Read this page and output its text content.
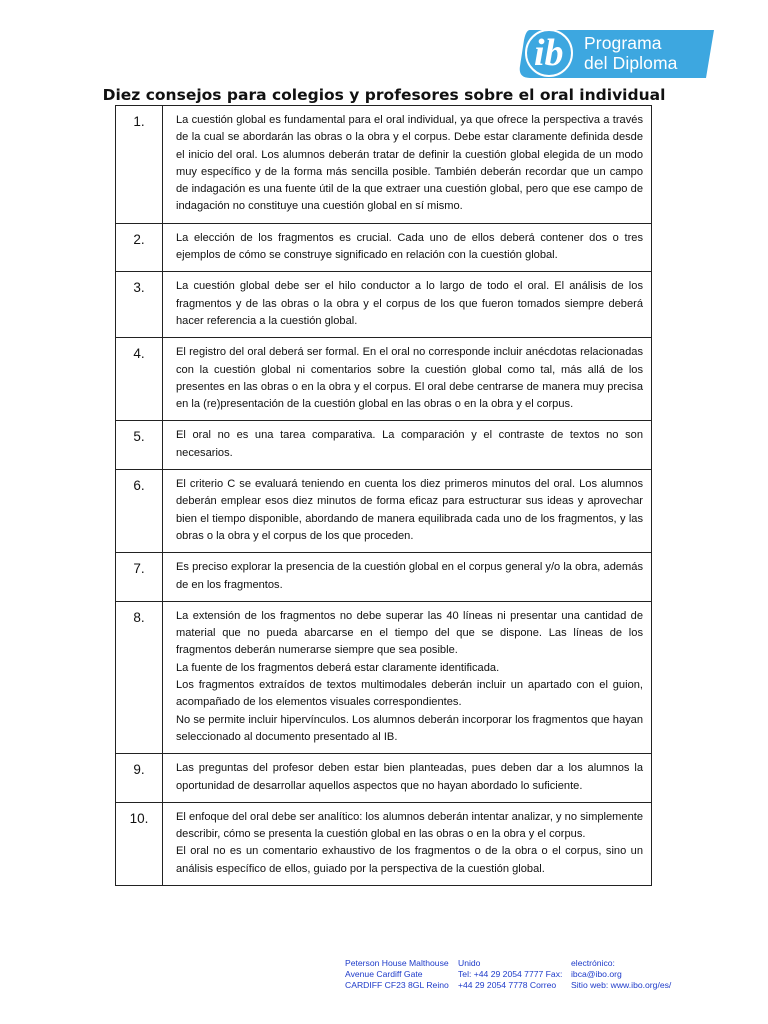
ib Programa
del Diploma
Diez consejos para colegios y profesores sobre el oral individual
1.	La cuestión global es fundamental para el oral individual, ya que ofrece la perspectiva a través de la cual se abordarán las obras o la obra y el corpus. Debe estar claramente definida desde el inicio del oral. Los alumnos deberán tratar de definir la cuestión global elegida de un modo muy específico y de la forma más sencilla posible. También deberán recordar que un campo de indagación es una fuente útil de la que extraer una cuestión global, pero que ese campo de indagación no constituye una cuestión global en sí mismo.

2.	La elección de los fragmentos es crucial. Cada uno de ellos deberá contener dos o tres ejemplos de cómo se construye significado en relación con la cuestión global.

3.	La cuestión global debe ser el hilo conductor a lo largo de todo el oral. El análisis de los fragmentos y de las obras o la obra y el corpus de los que fueron tomados siempre deberá hacer referencia a la cuestión global.

4.	El registro del oral deberá ser formal. En el oral no corresponde incluir anécdotas relacionadas con la cuestión global ni comentarios sobre la cuestión global como tal, más allá de los presentes en las obras o en la obra y el corpus. El oral debe centrarse de manera muy precisa en la (re)presentación de la cuestión global en las obras o en la obra y el corpus.

5.	El oral no es una tarea comparativa. La comparación y el contraste de textos no son necesarios.

6.	El criterio C se evaluará teniendo en cuenta los diez primeros minutos del oral. Los alumnos deberán emplear esos diez minutos de forma eficaz para estructurar sus ideas y aprovechar bien el tiempo disponible, abordando de manera equilibrada cada uno de los fragmentos, y las obras o la obra y el corpus de los que proceden.

7.	Es preciso explorar la presencia de la cuestión global en el corpus general y/o la obra, además de en los fragmentos.

8.	La extensión de los fragmentos no debe superar las 40 líneas ni presentar una cantidad de material que no pueda abarcarse en el tiempo del que se dispone. Las líneas de los fragmentos deberán numerarse siempre que sea posible.

La fuente de los fragmentos deberá estar claramente identificada.

Los fragmentos extraídos de textos multimodales deberán incluir un apartado con el guion, acompañado de los elementos visuales correspondientes.

No se permite incluir hipervínculos. Los alumnos deberán incorporar los fragmentos que hayan seleccionado al documento presentado al IB.

9.	Las preguntas del profesor deben estar bien planteadas, pues deben dar a los alumnos la oportunidad de desarrollar aquellos aspectos que no hayan abordado lo suficiente.

10.	El enfoque del oral debe ser analítico: los alumnos deberán intentar analizar, y no simplemente describir, cómo se presenta la cuestión global en las obras o en la obra y el corpus.

El oral no es un comentario exhaustivo de los fragmentos o de la obra o el corpus, sino un análisis específico de ellos, guiado por la perspectiva de la cuestión global.

Peterson House Malthouse
Avenue Cardiff Gate
CARDIFF CF23 8GL Reino
Unido
Tel: +44 29 2054 7777 Fax:
+44 29 2054 7778 Correo
electrónico:
ibca@ibo.org
Sitio web: www.ibo.org/es/
